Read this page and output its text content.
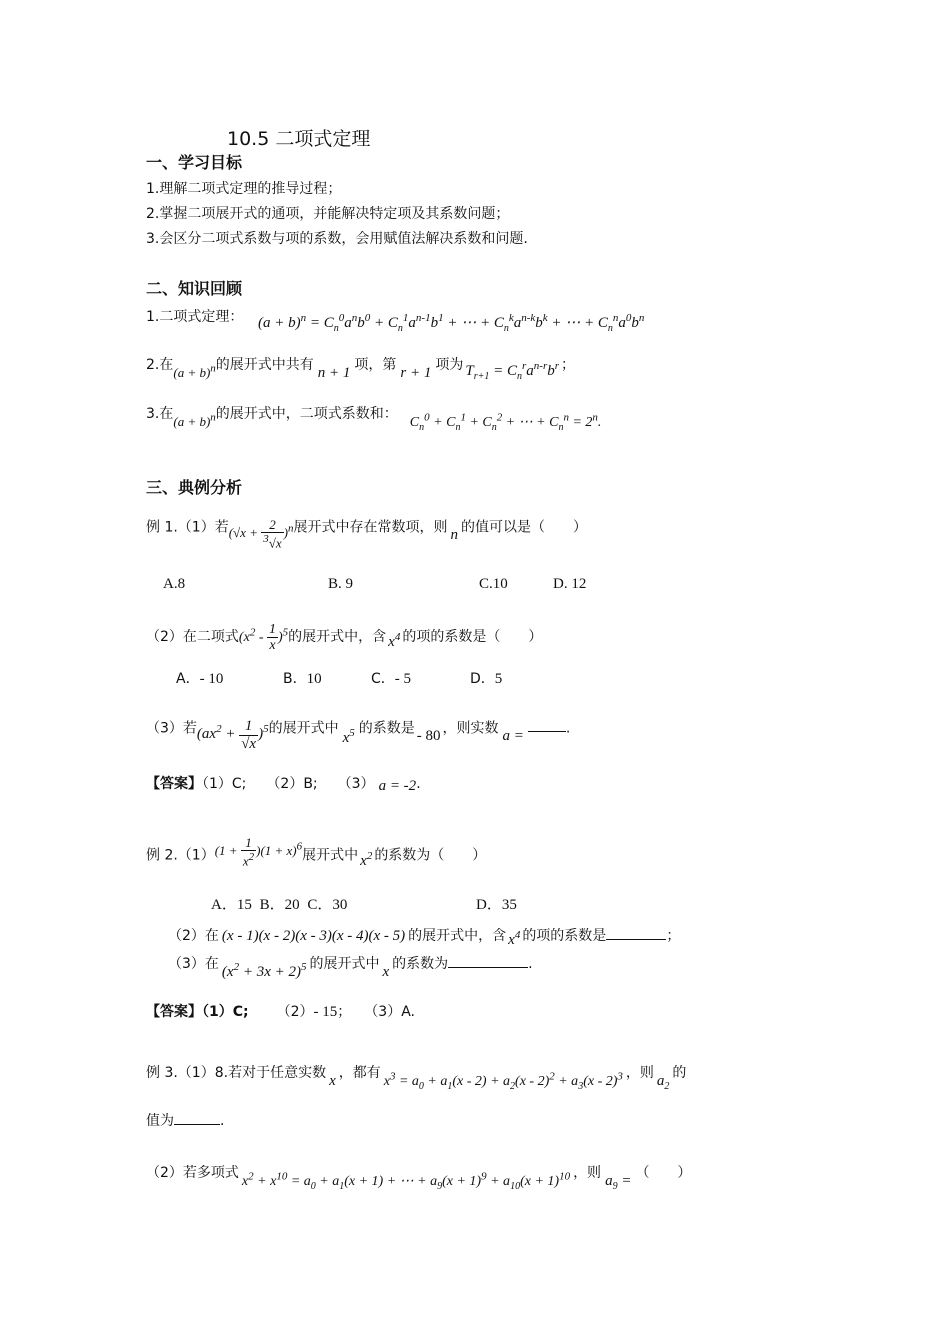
10.5 二项式定理
一、学习目标
1.理解二项式定理的推导过程；
2.掌握二项展开式的通项，并能解决特定项及其系数问题；
3.会区分二项式系数与项的系数，会用赋值法解决系数和问题.
二、知识回顾
1.二项式定理： $(a + b)^n = C_n^0a^nb^0 + C_n^1a^{n-1}b^1$ + ⋯ + $C_n^ka^{n-k}b^k$ + ⋯ + $C_n^na^0b^n$
2.在$(a + b)^n$的展开式中共有 n + 1 项，第 r + 1 项为 $T_{r+1} = C_n^ra^{n-r}b^r$ ；
3.在$(a + b)^n$的展开式中，二项式系数和：$C_n^0 + C_n^1 + C_n^2$ + ⋯ + $C_n^n = 2^n$.
三、典例分析
例 1.（1）若$(√x + \frac{2}{^3√x} )^n$展开式中存在常数项，则 n 的值可以是（　　）
A.8	B. 9	C.10	D. 12
（2）在二项式$(x^2 - \frac{1}{x} )^5$的展开式中，含 $x^4$ 的项的系数是（　　）
A．- 10	B．10	C．- 5	D．5
（3）若$(ax^2 + \frac{1}{√x} )^5$的展开式中$x^5$ 的系数是 - 80 ，则实数 a =	.
【答案】（1）C; （2）B; （3） a = -2.
例 $2.(1)(1 + \frac{1}{x^2} )(1 + x)^6$展开式中 $x^2$ 的系数为（　　）
A．15 B．20 C．30	D．35
（2）在 (x - 1)(x - 2)(x - 3)(x - 4)(x - 5) 的展开式中，含 $x^4$ 的项的系数是	；
（3）在 $(x^2 + 3x + 2)^5$ 的展开式中 x 的系数为	.
【答案】（1）C; （2）- 15； （3）A.
例 3.（1）8.若对于任意实数 x ，都有$x^3 = a_0 + a_1(x - 2) + a_2(x - 2)^2 + a_3(x - 2)^3$ ，则 $a_2$的
值为	.
（2）若多项式$x^2 + x^{10} = a_0 + a_1(x + 1)$ + ⋯ + $a_9(x + 1)^9 + a_{10}(x + 1)^{10}$ ，则 $a_9$ = （　　）
